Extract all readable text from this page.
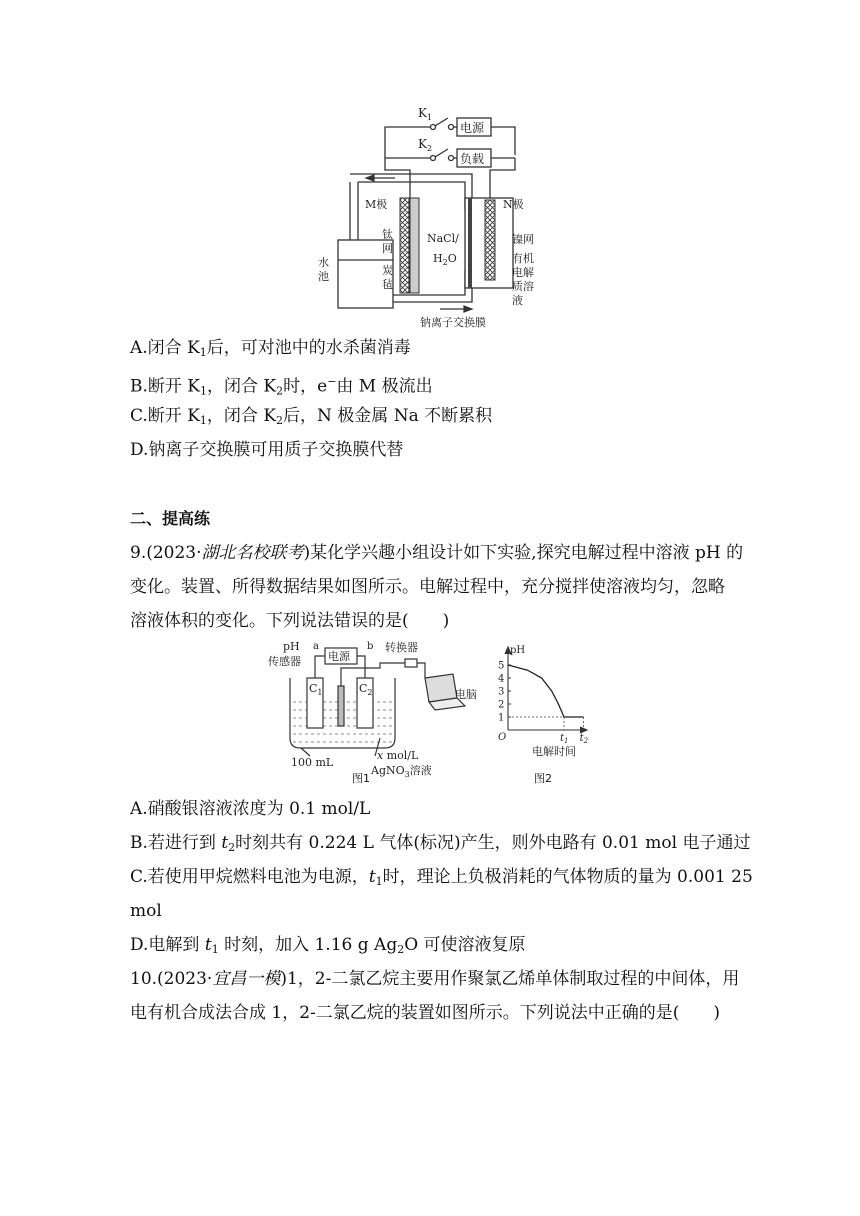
$K_1$
$K_2$
电源
负载
M极	N极
钛
网
炭
毡
NaCl/
$H_2O$
镍网
有机
电解
质溶
液
水
池
钠离子交换膜
A.闭合 $K_1$后，可对池中的水杀菌消毒
B.断开 $K_1$，闭合 $K_2$时，e−由 M 极流出
C.断开 $K_1$，闭合 $K_2$后，N 极金属 Na 不断累积
D.钠离子交换膜可用质子交换膜代替
二、提高练
9.(2023·湖北名校联考)某化学兴趣小组设计如下实验,探究电解过程中溶液 pH 的
变化。装置、所得数据结果如图所示。电解过程中，充分搅拌使溶液均匀，忽略
溶液体积的变化。下列说法错误的是(　　)
pH
传感器
a	b
电源
转换器
$C_1$	$C_2$	电脑
100 mL
x mol/L
AgNO$_3$溶液
图1
1
2
3
4
5
$t_1$ $t_2$
pH
O
电解时间
图2
A.硝酸银溶液浓度为 0.1 mol/L
B.若进行到 $t_2$时刻共有 0.224 L 气体(标况)产生，则外电路有 0.01 mol 电子通过
C.若使用甲烷燃料电池为电源，$t_1$时，理论上负极消耗的气体物质的量为 0.001 25
mol
D.电解到 $t_1$ 时刻，加入 1.16 g $Ag_2O$ 可使溶液复原
10.(2023·宜昌一模)1，2-二氯乙烷主要用作聚氯乙烯单体制取过程的中间体，用
电有机合成法合成 1，2-二氯乙烷的装置如图所示。下列说法中正确的是(　　)
